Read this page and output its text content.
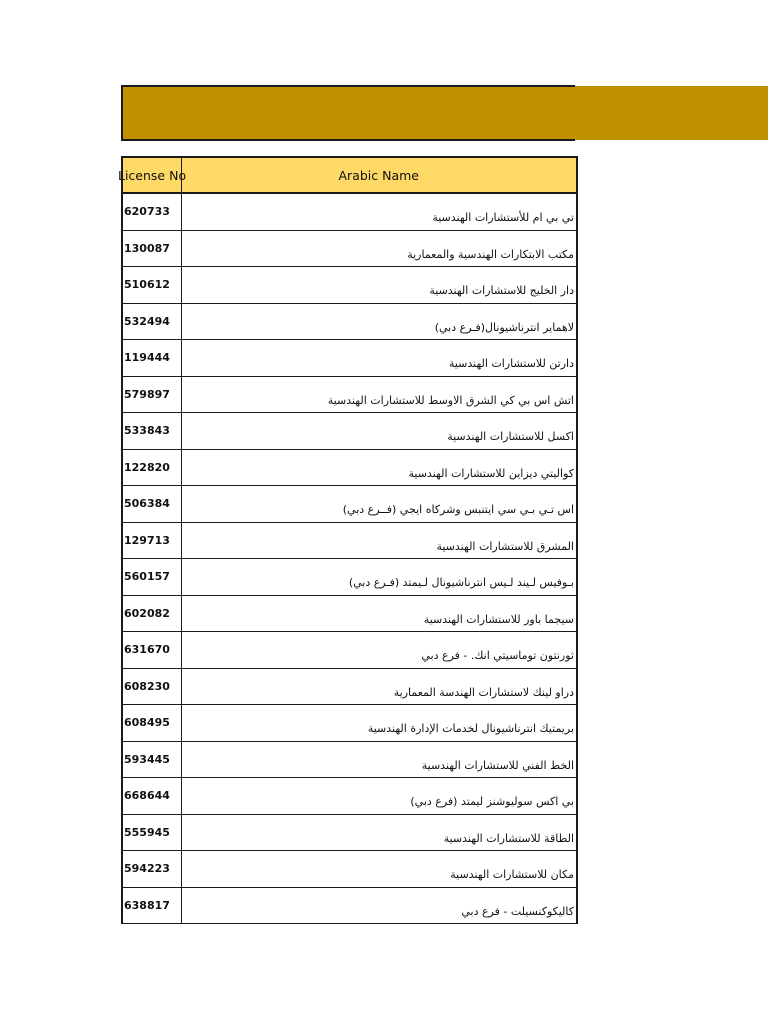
License No	Arabic Name
620733	تي بي ام للأستشارات الهندسية
130087	مكتب الابتكارات الهندسية والمعمارية
510612	دار الخليج للاستشارات الهندسية
532494	لاهماير انترناشيونال(فـرع دبي)
119444	دارتن للاستشارات الهندسية
579897	اتش اس بي كي الشرق الاوسط للاستشارات الهندسية
533843	اكسل للاستشارات الهندسية
122820	كواليتي ديزاين للاستشارات الهندسية
506384	اس تـي بـي سي ايتنبس وشركاه ايجي (فــرع دبي)
129713	المشرق للاستشارات الهندسية
560157	بـوفيس لـيند لـيس انترناشيونال لـيمتد (فـرع دبي)
602082	سيجما باور للاستشارات الهندسية
631670	ثورنتون توماسيتي انك. - فرع دبي
608230	دراو لينك لاستشارات الهندسة المعمارية
608495	بريمتيك انترناشيونال لخدمات الإدارة الهندسية
593445	الخط الفني للاستشارات الهندسية
668644	بي اكس سوليوشنز ليمتد (فرع دبي)
555945	الطاقة للاستشارات الهندسية
594223	مكان للاستشارات الهندسية
638817	كاليكوكنسيلت - فرع دبي
